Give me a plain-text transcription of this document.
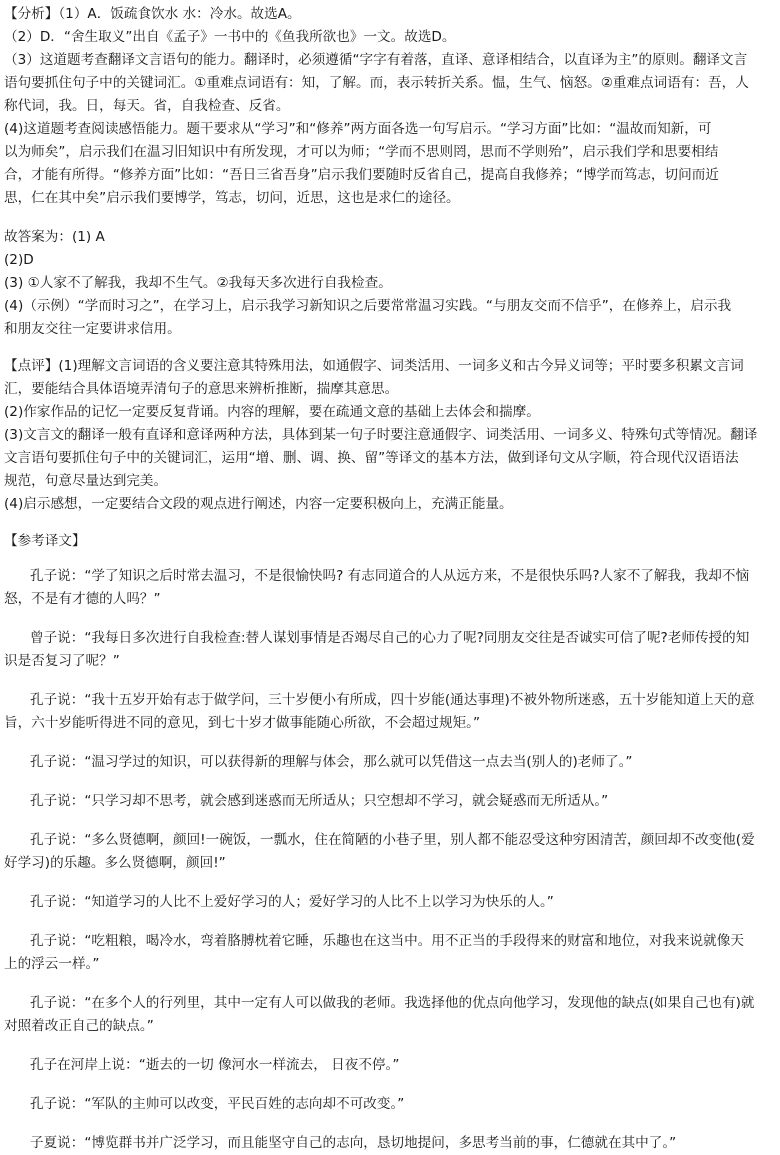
【分析】（1）A．饭疏食饮水 水：冷水。故选A。
（2）D．“舍生取义”出自《孟子》一书中的《鱼我所欲也》一文。故选D。
（3）这道题考查翻译文言语句的能力。翻译时，必须遵循“字字有着落，直译、意译相结合，以直译为主”的原则。翻译文言
语句要抓住句子中的关键词汇。①重难点词语有：知，了解。而，表示转折关系。愠，生气、恼怒。②重难点词语有：吾，人
称代词，我。日，每天。省，自我检查、反省。
(4)这道题考查阅读感悟能力。题干要求从“学习”和“修养”两方面各选一句写启示。“学习方面”比如：“温故而知新，可
以为师矣”，启示我们在温习旧知识中有所发现，才可以为师；“学而不思则罔，思而不学则殆”，启示我们学和思要相结
合，才能有所得。“修养方面”比如：“吾日三省吾身”启示我们要随时反省自己，提高自我修养；“博学而笃志，切问而近
思，仁在其中矣”启示我们要博学，笃志，切问，近思，这也是求仁的途径。
故答案为：(1) A
(2)D
(3) ①人家不了解我，我却不生气。②我每天多次进行自我检查。
(4)（示例）“学而时习之”，在学习上，启示我学习新知识之后要常常温习实践。“与朋友交而不信乎”，在修养上，启示我
和朋友交往一定要讲求信用。
【点评】(1)理解文言词语的含义要注意其特殊用法，如通假字、词类活用、一词多义和古今异义词等；平时要多积累文言词
汇，要能结合具体语境弄清句子的意思来辨析推断，揣摩其意思。
(2)作家作品的记忆一定要反复背诵。内容的理解，要在疏通文意的基础上去体会和揣摩。
(3)文言文的翻译一般有直译和意译两种方法，具体到某一句子时要注意通假字、词类活用、一词多义、特殊句式等情况。翻译
文言语句要抓住句子中的关键词汇，运用“增、删、调、换、留”等译文的基本方法，做到译句文从字顺，符合现代汉语语法
规范，句意尽量达到完美。
(4)启示感想，一定要结合文段的观点进行阐述，内容一定要积极向上，充满正能量。
【参考译文】
孔子说：“学了知识之后时常去温习，不是很愉快吗? 有志同道合的人从远方来，不是很快乐吗?人家不了解我，我却不恼
怒，不是有才德的人吗？”
曾子说：“我每日多次进行自我检查:替人谋划事情是否竭尽自己的心力了呢?同朋友交往是否诚实可信了呢?老师传授的知
识是否复习了呢？”
孔子说：“我十五岁开始有志于做学问，三十岁便小有所成，四十岁能(通达事理)不被外物所迷惑，五十岁能知道上天的意
旨，六十岁能听得进不同的意见，到七十岁才做事能随心所欲，不会超过规矩。”
孔子说：“温习学过的知识，可以获得新的理解与体会，那么就可以凭借这一点去当(别人的)老师了。”
孔子说：“只学习却不思考，就会感到迷惑而无所适从；只空想却不学习，就会疑惑而无所适从。”
孔子说：“多么贤德啊，颜回!一碗饭，一瓢水，住在简陋的小巷子里，别人都不能忍受这种穷困清苦，颜回却不改变他(爱
好学习)的乐趣。多么贤德啊，颜回!”
孔子说：“知道学习的人比不上爱好学习的人；爱好学习的人比不上以学习为快乐的人。”
孔子说：“吃粗粮，喝冷水，弯着胳膊枕着它睡，乐趣也在这当中。用不正当的手段得来的财富和地位，对我来说就像天
上的浮云一样。”
孔子说：“在多个人的行列里，其中一定有人可以做我的老师。我选择他的优点向他学习，发现他的缺点(如果自己也有)就
对照着改正自己的缺点。”
孔子在河岸上说：“逝去的一切 像河水一样流去， 日夜不停。”
孔子说：“军队的主帅可以改变，平民百姓的志向却不可改变。”
子夏说：“博览群书并广泛学习，而且能坚守自己的志向，恳切地提问，多思考当前的事，仁德就在其中了。”
